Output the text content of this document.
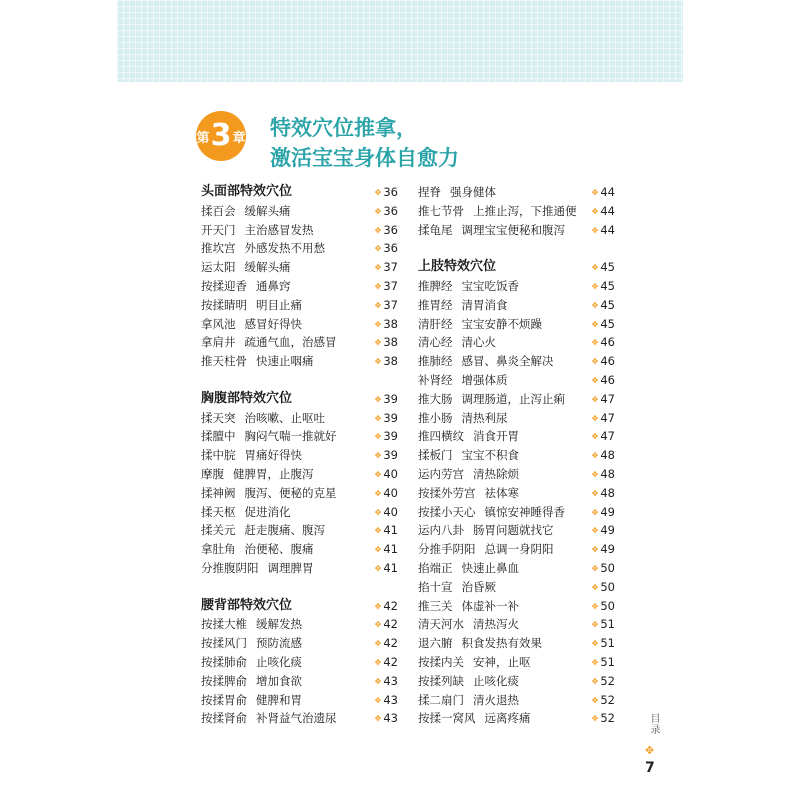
第 3 章 特效穴位推拿，
激活宝宝身体自愈力
头面部特效穴位	✥ 36
揉百会 缓解头痛	✥ 36
开天门 主治感冒发热	✥ 36
推坎宫 外感发热不用愁	✥ 36
运太阳 缓解头痛	✥ 37
按揉迎香 通鼻窍	✥ 37
按揉睛明 明目止痛	✥ 37
拿风池 感冒好得快	✥ 38
拿肩井 疏通气血，治感冒	✥ 38
推天柱骨 快速止咽痛	✥ 38
胸腹部特效穴位	✥ 39
揉天突 治咳嗽、止呕吐	✥ 39
揉膻中 胸闷气喘一推就好	✥ 39
揉中脘 胃痛好得快	✥ 39
摩腹 健脾胃，止腹泻	✥ 40
揉神阙 腹泻、便秘的克星	✥ 40
揉天枢 促进消化	✥ 40
揉关元 赶走腹痛、腹泻	✥ 41
拿肚角 治便秘、腹痛	✥ 41
分推腹阴阳 调理脾胃	✥ 41
腰背部特效穴位	✥ 42
按揉大椎 缓解发热	✥ 42
按揉风门 预防流感	✥ 42
按揉肺俞 止咳化痰	✥ 42
按揉脾俞 增加食欲	✥ 43
按揉胃俞 健脾和胃	✥ 43
按揉肾俞 补肾益气治遗尿	✥ 43
捏脊 强身健体	✥ 44
推七节骨 上推止泻，下推通便 ✥ 44
揉龟尾 调理宝宝便秘和腹泻	✥ 44
上肢特效穴位	✥ 45
推脾经 宝宝吃饭香	✥ 45
推胃经 清胃消食	✥ 45
清肝经 宝宝安静不烦躁	✥ 45
清心经 清心火	✥ 46
推肺经 感冒、鼻炎全解决	✥ 46
补肾经 增强体质	✥ 46
推大肠 调理肠道，止泻止痢	✥ 47
推小肠 清热利尿	✥ 47
推四横纹 消食开胃	✥ 47
揉板门 宝宝不积食	✥ 48
运内劳宫 清热除烦	✥ 48
按揉外劳宫 祛体寒	✥ 48
按揉小天心 镇惊安神睡得香	✥ 49
运内八卦 肠胃问题就找它	✥ 49
分推手阴阳 总调一身阴阳	✥ 49
掐端正 快速止鼻血	✥ 50
掐十宣 治昏厥	✥ 50
推三关 体虚补一补	✥ 50
清天河水 清热泻火	✥ 51
退六腑 积食发热有效果	✥ 51
按揉内关 安神，止呕	✥ 51
按揉列缺 止咳化痰	✥ 52
揉二扇门 清火退热	✥ 52
按揉一窝风 远离疼痛	✥ 52	目录
✥
7
